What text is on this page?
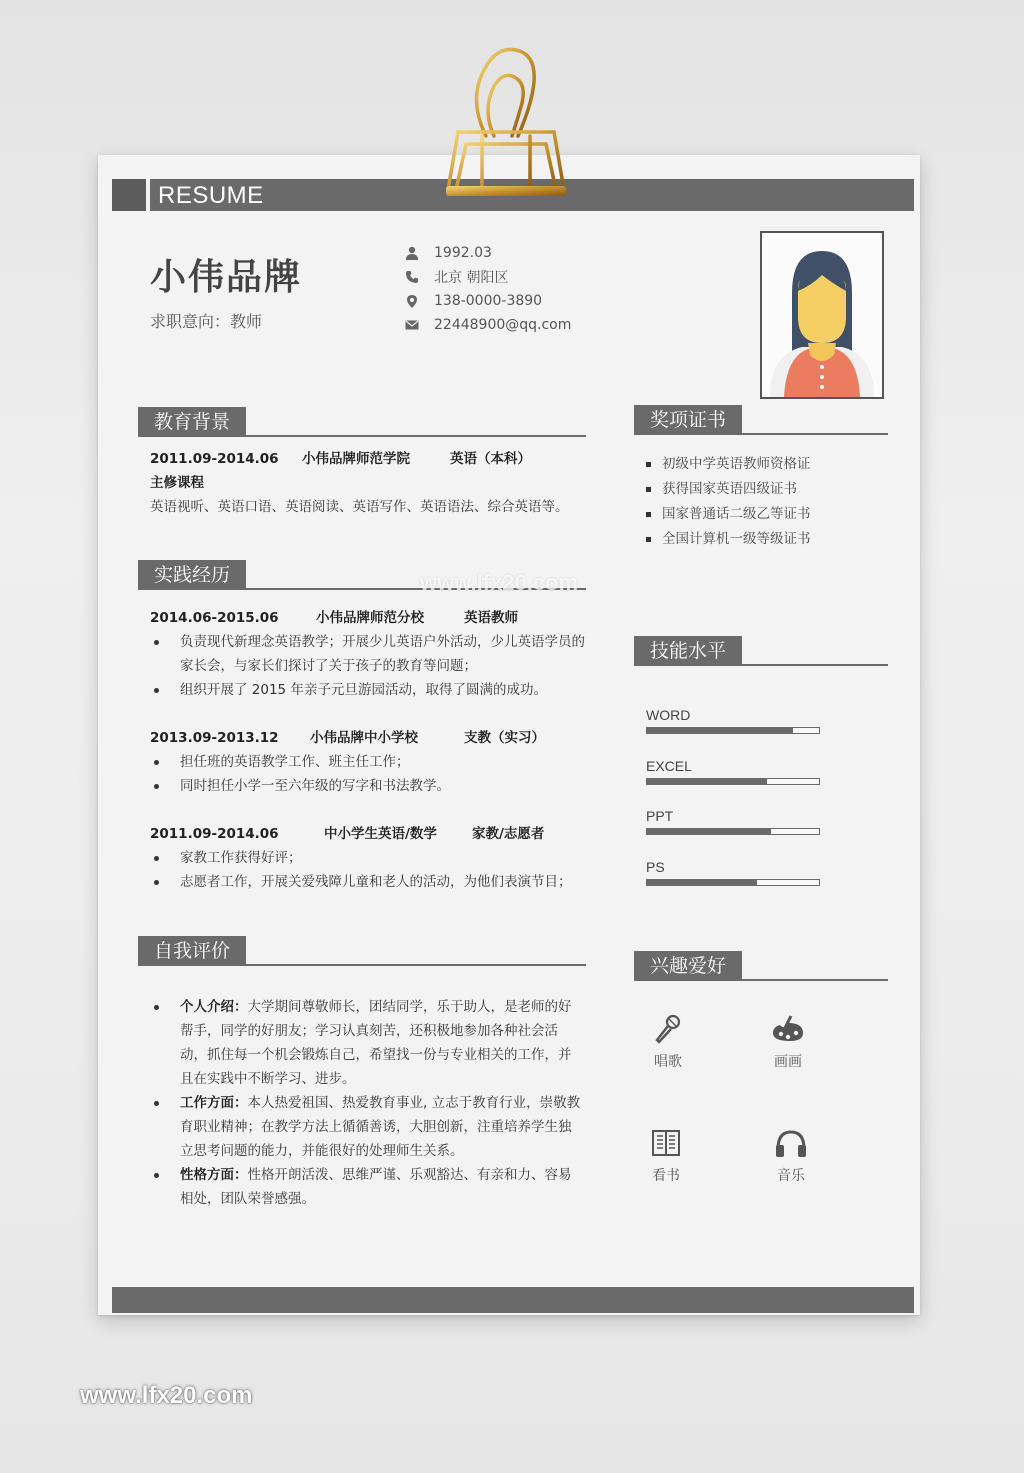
RESUME
小伟品牌
求职意向：教师
1992.03
北京 朝阳区
138-0000-3890
22448900@qq.com
教育背景
2011.09-2014.06	小伟品牌师范学院	英语（本科）
主修课程
英语视听、英语口语、英语阅读、英语写作、英语语法、综合英语等。
实践经历
2014.06-2015.06	小伟品牌师范分校	英语教师
负责现代新理念英语教学；开展少儿英语户外活动，少儿英语学员的家长会，与家长们探讨了关于孩子的教育等问题；
组织开展了 2015 年亲子元旦游园活动，取得了圆满的成功。
2013.09-2013.12	小伟品牌中小学校	支教（实习）
担任班的英语教学工作、班主任工作；
同时担任小学一至六年级的写字和书法教学。
2011.09-2014.06	中小学生英语/数学	家教/志愿者
家教工作获得好评；
志愿者工作，开展关爱残障儿童和老人的活动，为他们表演节目；
自我评价
个人介绍：大学期间尊敬师长，团结同学，乐于助人，是老师的好帮手，同学的好朋友；学习认真刻苦，还积极地参加各种社会活动，抓住每一个机会锻炼自己，希望找一份与专业相关的工作，并且在实践中不断学习、进步。
工作方面：本人热爱祖国、热爱教育事业, 立志于教育行业，崇敬教育职业精神；在教学方法上循循善诱，大胆创新，注重培养学生独立思考问题的能力，并能很好的处理师生关系。
性格方面：性格开朗活泼、思维严谨、乐观豁达、有亲和力、容易相处，团队荣誉感强。
奖项证书
初级中学英语教师资格证
获得国家英语四级证书
国家普通话二级乙等证书
全国计算机一级等级证书
技能水平
WORD
EXCEL
PPT
PS
兴趣爱好
唱歌	画画
看书	音乐
www.lfx20.com
www.lfx20.com
